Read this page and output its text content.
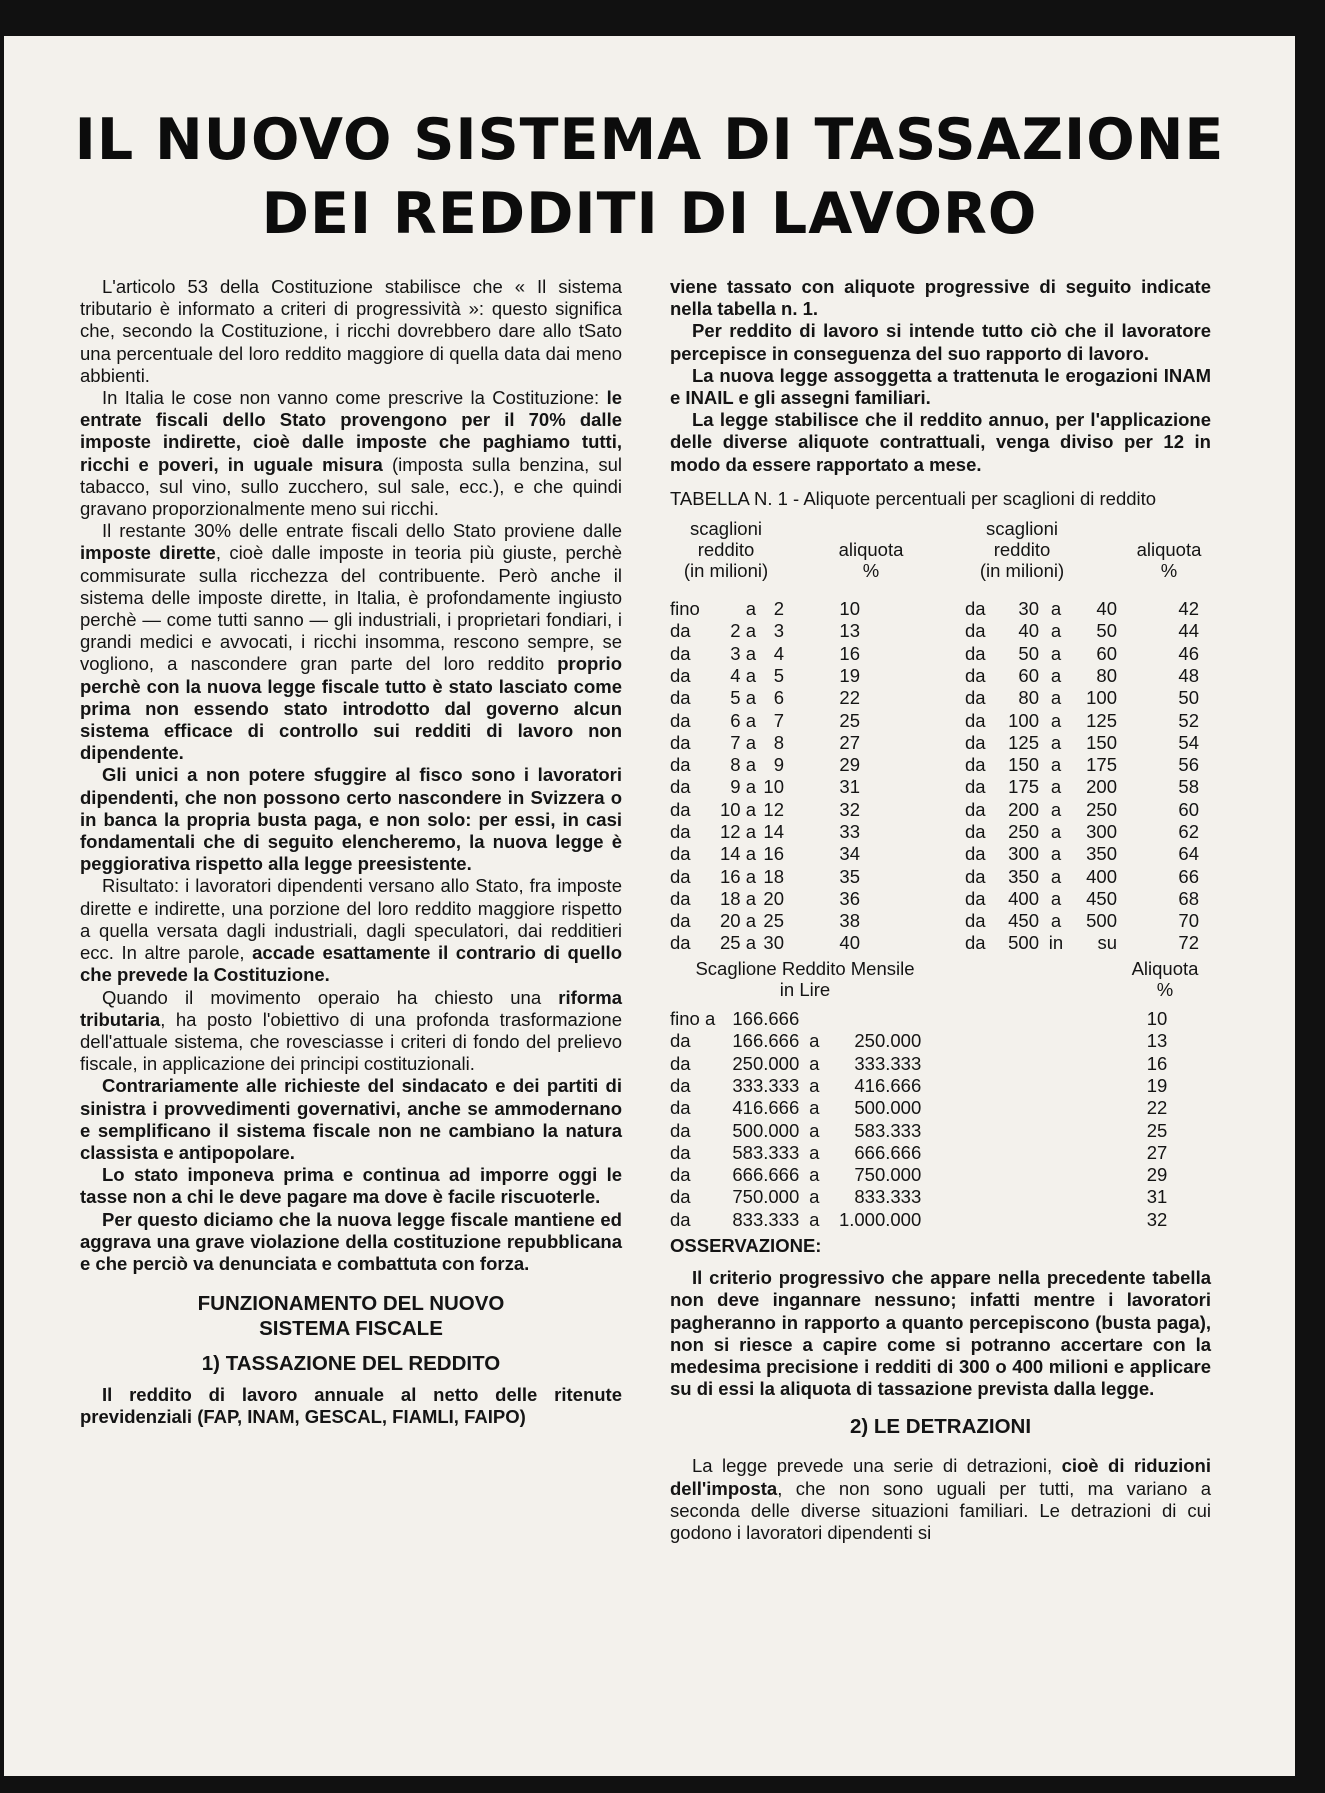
IL NUOVO SISTEMA DI TASSAZIONE
DEI REDDITI DI LAVORO

L'articolo 53 della Costituzione stabilisce che « Il sistema tributario è informato a criteri di progressività »: questo significa che, secondo la Costituzione, i ricchi dovrebbero dare allo tSato una percentuale del loro reddito maggiore di quella data dai meno abbienti.

In Italia le cose non vanno come prescrive la Costituzione: le entrate fiscali dello Stato provengono per il 70% dalle imposte indirette, cioè dalle imposte che paghiamo tutti, ricchi e poveri, in uguale misura (imposta sulla benzina, sul tabacco, sul vino, sullo zucchero, sul sale, ecc.), e che quindi gravano proporzionalmente meno sui ricchi.

Il restante 30% delle entrate fiscali dello Stato proviene dalle imposte dirette, cioè dalle imposte in teoria più giuste, perchè commisurate sulla ricchezza del contribuente. Però anche il sistema delle imposte dirette, in Italia, è profondamente ingiusto perchè — come tutti sanno — gli industriali, i proprietari fondiari, i grandi medici e avvocati, i ricchi insomma, rescono sempre, se vogliono, a nascondere gran parte del loro reddito proprio perchè con la nuova legge fiscale tutto è stato lasciato come prima non essendo stato introdotto dal governo alcun sistema efficace di controllo sui redditi di lavoro non dipendente.

Gli unici a non potere sfuggire al fisco sono i lavoratori dipendenti, che non possono certo nascondere in Svizzera o in banca la propria busta paga, e non solo: per essi, in casi fondamentali che di seguito elencheremo, la nuova legge è peggiorativa rispetto alla legge preesistente.

Risultato: i lavoratori dipendenti versano allo Stato, fra imposte dirette e indirette, una porzione del loro reddito maggiore rispetto a quella versata dagli industriali, dagli speculatori, dai redditieri ecc. In altre parole, accade esattamente il contrario di quello che prevede la Costituzione.

Quando il movimento operaio ha chiesto una riforma tributaria, ha posto l'obiettivo di una profonda trasformazione dell'attuale sistema, che rovesciasse i criteri di fondo del prelievo fiscale, in applicazione dei principi costituzionali.

Contrariamente alle richieste del sindacato e dei partiti di sinistra i provvedimenti governativi, anche se ammodernano e semplificano il sistema fiscale non ne cambiano la natura classista e antipopolare.

Lo stato imponeva prima e continua ad imporre oggi le tasse non a chi le deve pagare ma dove è facile riscuoterle.

Per questo diciamo che la nuova legge fiscale mantiene ed aggrava una grave violazione della costituzione repubblicana e che perciò va denunciata e combattuta con forza.

FUNZIONAMENTO DEL NUOVO
SISTEMA FISCALE
1) TASSAZIONE DEL REDDITO

Il reddito di lavoro annuale al netto delle ritenute previdenziali (FAP, INAM, GESCAL, FIAMLI, FAIPO)

viene tassato con aliquote progressive di seguito indicate nella tabella n. 1.

Per reddito di lavoro si intende tutto ciò che il lavoratore percepisce in conseguenza del suo rapporto di lavoro.

La nuova legge assoggetta a trattenuta le erogazioni INAM e INAIL e gli assegni familiari.

La legge stabilisce che il reddito annuo, per l'applicazione delle diverse aliquote contrattuali, venga diviso per 12 in modo da essere rapportato a mese.

TABELLA N. 1 - Aliquote percentuali per scaglioni di reddito

scaglioni
reddito
(in milioni)
aliquota
%
scaglioni
reddito
(in milioni)
aliquota
%
fino	a	2		10
da	2 a	3		13
da	3 a	4		16
da	4 a	5		19
da	5 a	6		22
da	6 a	7		25
da	7 a	8		27
da	8 a	9		29
da	9 a	10		31
da	10 a	12		32
da	12 a	14		33
da	14 a	16		34
da	16 a	18		35
da	18 a	20		36
da	20 a	25		38
da	25 a	30		40
da	30	a	40	42
da	40	a	50	44
da	50	a	60	46
da	60	a	80	48
da	80	a	100	50
da	100	a	125	52
da	125	a	150	54
da	150	a	175	56
da	175	a	200	58
da	200	a	250	60
da	250	a	300	62
da	300	a	350	64
da	350	a	400	66
da	400	a	450	68
da	450	a	500	70
da	500	in	su	72
Scaglione Reddito Mensile
in Lire
Aliquota
%
fino a	166.666			10
da	166.666	a	250.000	13
da	250.000	a	333.333	16
da	333.333	a	416.666	19
da	416.666	a	500.000	22
da	500.000	a	583.333	25
da	583.333	a	666.666	27
da	666.666	a	750.000	29
da	750.000	a	833.333	31
da	833.333	a	1.000.000	32

OSSERVAZIONE:

Il criterio progressivo che appare nella precedente tabella non deve ingannare nessuno; infatti mentre i lavoratori pagheranno in rapporto a quanto percepiscono (busta paga), non si riesce a capire come si potranno accertare con la medesima precisione i redditi di 300 o 400 milioni e applicare su di essi la aliquota di tassazione prevista dalla legge.

2) LE DETRAZIONI

La legge prevede una serie di detrazioni, cioè di riduzioni dell'imposta, che non sono uguali per tutti, ma variano a seconda delle diverse situazioni familiari. Le detrazioni di cui godono i lavoratori dipendenti si
